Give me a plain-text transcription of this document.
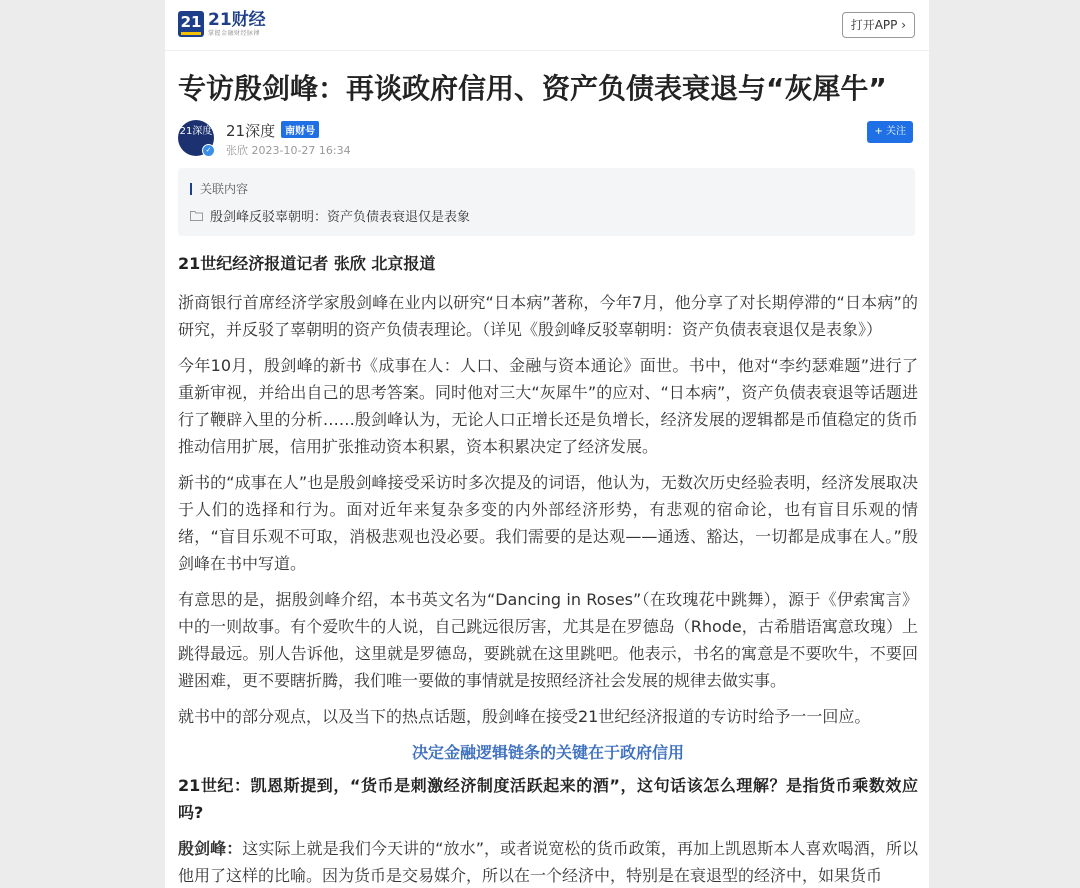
21 21财经
掌握金融财经脉搏
打开APP ›
专访殷剑峰：再谈政府信用、资产负债表衰退与“灰犀牛”
21深度
✓
21深度 南财号
张欣 2023-10-27 16:34
+ 关注
关联内容
殷剑峰反驳辜朝明：资产负债表衰退仅是表象

21世纪经济报道记者 张欣 北京报道

浙商银行首席经济学家殷剑峰在业内以研究“日本病”著称，今年7月，他分享了对长期停滞的“日本病”的研究，并反驳了辜朝明的资产负债表理论。（详见《殷剑峰反驳辜朝明：资产负债表衰退仅是表象》）

今年10月，殷剑峰的新书《成事在人：人口、金融与资本通论》面世。书中，他对“李约瑟难题”进行了重新审视，并给出自己的思考答案。同时他对三大“灰犀牛”的应对、“日本病”，资产负债表衰退等话题进行了鞭辟入里的分析……殷剑峰认为，无论人口正增长还是负增长，经济发展的逻辑都是币值稳定的货币推动信用扩展，信用扩张推动资本积累，资本积累决定了经济发展。

新书的“成事在人”也是殷剑峰接受采访时多次提及的词语，他认为，无数次历史经验表明，经济发展取决于人们的选择和行为。面对近年来复杂多变的内外部经济形势，有悲观的宿命论，也有盲目乐观的情绪，“盲目乐观不可取，消极悲观也没必要。我们需要的是达观——通透、豁达，一切都是成事在人。”殷剑峰在书中写道。

有意思的是，据殷剑峰介绍，本书英文名为“Dancing in Roses”（在玫瑰花中跳舞），源于《伊索寓言》中的一则故事。有个爱吹牛的人说，自己跳远很厉害，尤其是在罗德岛（Rhode，古希腊语寓意玫瑰）上跳得最远。别人告诉他，这里就是罗德岛，要跳就在这里跳吧。他表示，书名的寓意是不要吹牛，不要回避困难，更不要瞎折腾，我们唯一要做的事情就是按照经济社会发展的规律去做实事。

就书中的部分观点，以及当下的热点话题，殷剑峰在接受21世纪经济报道的专访时给予一一回应。

决定金融逻辑链条的关键在于政府信用

21世纪：凯恩斯提到，“货币是刺激经济制度活跃起来的酒”，这句话该怎么理解？是指货币乘数效应吗?

殷剑峰：这实际上就是我们今天讲的“放水”，或者说宽松的货币政策，再加上凯恩斯本人喜欢喝酒，所以他用了这样的比喻。因为货币是交易媒介，所以在一个经济中，特别是在衰退型的经济中，如果货币
